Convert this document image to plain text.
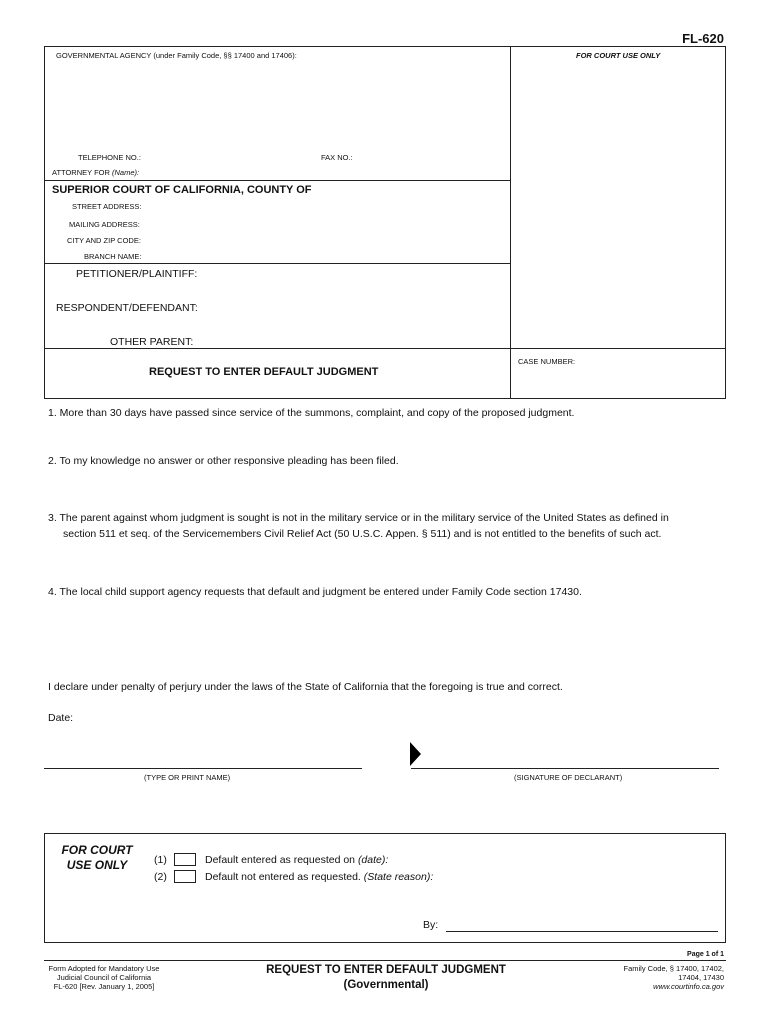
FL-620
GOVERNMENTAL AGENCY (under Family Code, §§ 17400 and 17406):	FOR COURT USE ONLY
TELEPHONE NO.:	FAX NO.:
ATTORNEY FOR (Name):
SUPERIOR COURT OF CALIFORNIA, COUNTY OF
STREET ADDRESS:
MAILING ADDRESS:
CITY AND ZIP CODE:
BRANCH NAME:
PETITIONER/PLAINTIFF:
RESPONDENT/DEFENDANT:
OTHER PARENT:
REQUEST TO ENTER DEFAULT JUDGMENT
CASE NUMBER:
1. More than 30 days have passed since service of the summons, complaint, and copy of the proposed judgment.
2. To my knowledge no answer or other responsive pleading has been filed.
3. The parent against whom judgment is sought is not in the military service or in the military service of the United States as defined in
section 511 et seq. of the Servicemembers Civil Relief Act (50 U.S.C. Appen. § 511) and is not entitled to the benefits of such act.
4. The local child support agency requests that default and judgment be entered under Family Code section 17430.
I declare under penalty of perjury under the laws of the State of California that the foregoing is true and correct.
Date:
(TYPE OR PRINT NAME)	(SIGNATURE OF DECLARANT)
FOR COURT
USE ONLY	(1)	Default entered as requested on (date):
(2)	Default not entered as requested. (State reason):
By:
Page 1 of 1
Form Adopted for Mandatory Use
Judicial Council of California
FL-620 [Rev. January 1, 2005]
REQUEST TO ENTER DEFAULT JUDGMENT
(Governmental)
Family Code, § 17400, 17402,
17404, 17430
www.courtinfo.ca.gov
